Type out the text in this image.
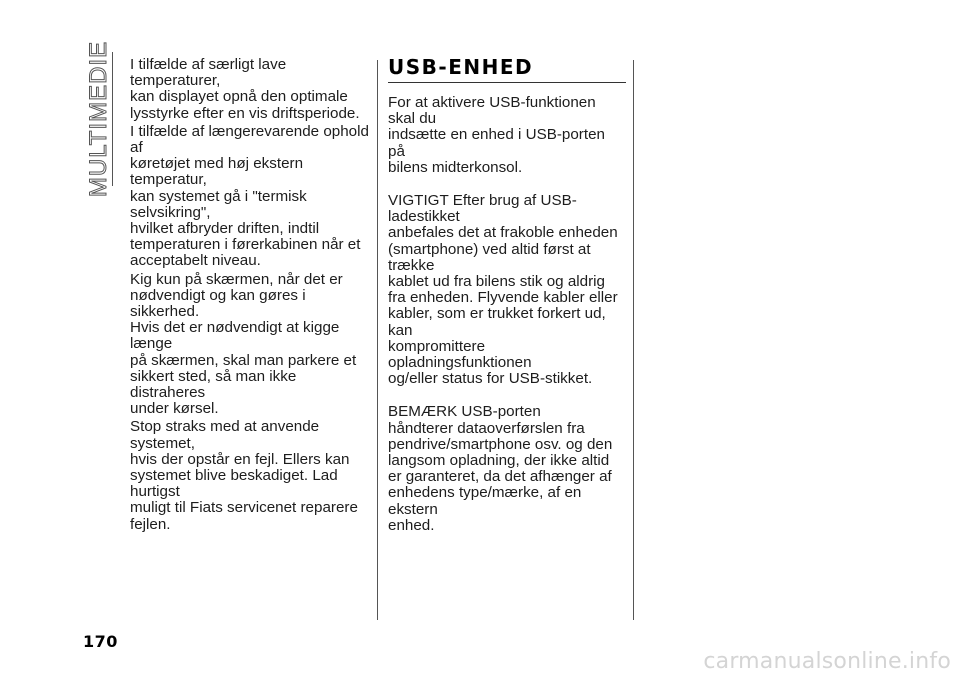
MULTIMEDIE I tilfælde af særligt lave temperaturer,
kan displayet opnå den optimale
lysstyrke efter en vis driftsperiode.

I tilfælde af længerevarende ophold af
køretøjet med høj ekstern temperatur,
kan systemet gå i "termisk selvsikring",
hvilket afbryder driften, indtil
temperaturen i førerkabinen når et
acceptabelt niveau.

Kig kun på skærmen, når det er
nødvendigt og kan gøres i sikkerhed.
Hvis det er nødvendigt at kigge længe
på skærmen, skal man parkere et
sikkert sted, så man ikke distraheres
under kørsel.

Stop straks med at anvende systemet,
hvis der opstår en fejl. Ellers kan
systemet blive beskadiget. Lad hurtigst
muligt til Fiats servicenet reparere
fejlen.

USB-ENHED

For at aktivere USB-funktionen skal du
indsætte en enhed i USB-porten på
bilens midterkonsol.

VIGTIGT Efter brug af USB-ladestikket
anbefales det at frakoble enheden
(smartphone) ved altid først at trække
kablet ud fra bilens stik og aldrig
fra enheden. Flyvende kabler eller
kabler, som er trukket forkert ud, kan
kompromittere opladningsfunktionen
og/eller status for USB-stikket.

BEMÆRK USB-porten
håndterer dataoverførslen fra
pendrive/smartphone osv. og den
langsom opladning, der ikke altid
er garanteret, da det afhænger af
enhedens type/mærke, af en ekstern
enhed.

170
carmanualsonline.info
